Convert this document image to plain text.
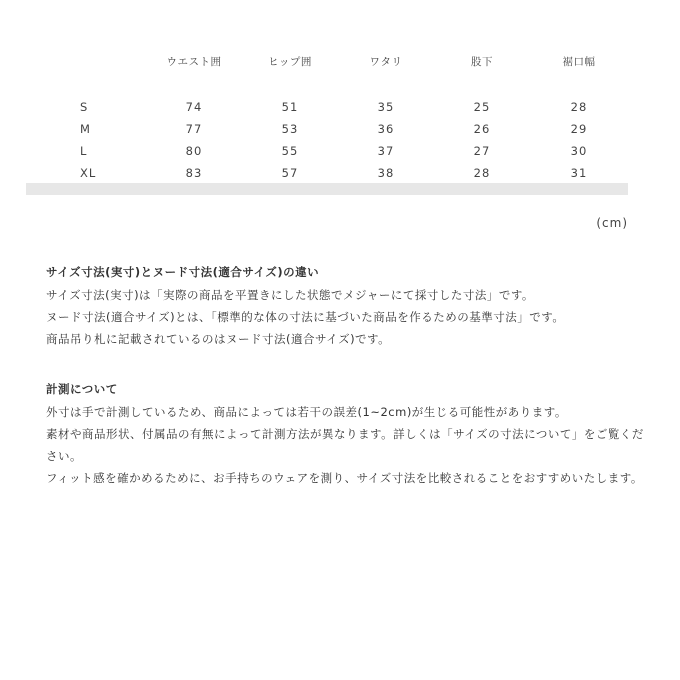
	ウエスト囲	ヒップ囲	ワタリ	股下	裾口幅

S	74	51	35	25	28
M	77	53	36	26	29
L	80	55	37	27	30
XL	83	57	38	28	31
(cm)
サイズ寸法(実寸)とヌード寸法(適合サイズ)の違い

サイズ寸法(実寸)は「実際の商品を平置きにした状態でメジャーにて採寸した寸法」です。

ヌード寸法(適合サイズ)とは、「標準的な体の寸法に基づいた商品を作るための基準寸法」です。

商品吊り札に記載されているのはヌード寸法(適合サイズ)です。

計測について

外寸は手で計測しているため、商品によっては若干の誤差(1~2cm)が生じる可能性があります。

素材や商品形状、付属品の有無によって計測方法が異なります。詳しくは「サイズの寸法について」をご覧ください。

フィット感を確かめるために、お手持ちのウェアを測り、サイズ寸法を比較されることをおすすめいたします。
